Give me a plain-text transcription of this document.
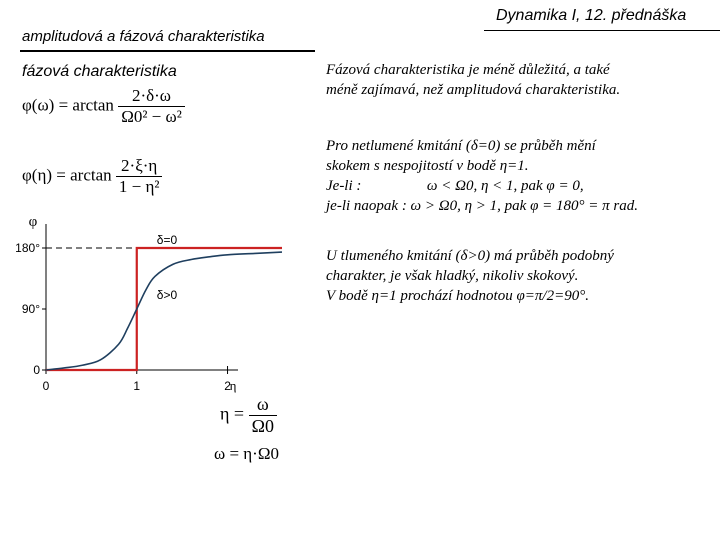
amplitudová a fázová charakteristika
Dynamika I, 12. přednáška
fázová charakteristika
$\varphi(\omega) = \arctan \frac{2\cdot\delta\cdot\omega}{\text{Ω0² − ω²}}$
$\varphi(\eta) = \arctan \frac{2\cdot\xi\cdot\eta}{\text{1 − η²}}$
Fázová charakteristika je méně důležitá, a také
méně zajímavá, než amplitudová charakteristika.
Pro netlumené kmitání (δ=0) se průběh mění
skokem s nespojitostí v bodě η=1.
Je-li :	ω < Ω0, η < 1, pak φ = 0,
je-li naopak : ω > Ω0, η > 1, pak φ = 180° = π rad.
U tlumeného kmitání (δ>0) má průběh podobný
charakter, je však hladký, nikoliv skokový.
V bodě η=1 prochází hodnotou φ=π/2=90°.
0	1	2
0
90°
180°
φ
η
δ=0
δ>0
$\eta = \frac{\omega}{\Omega 0}$
ω = η·Ω0
